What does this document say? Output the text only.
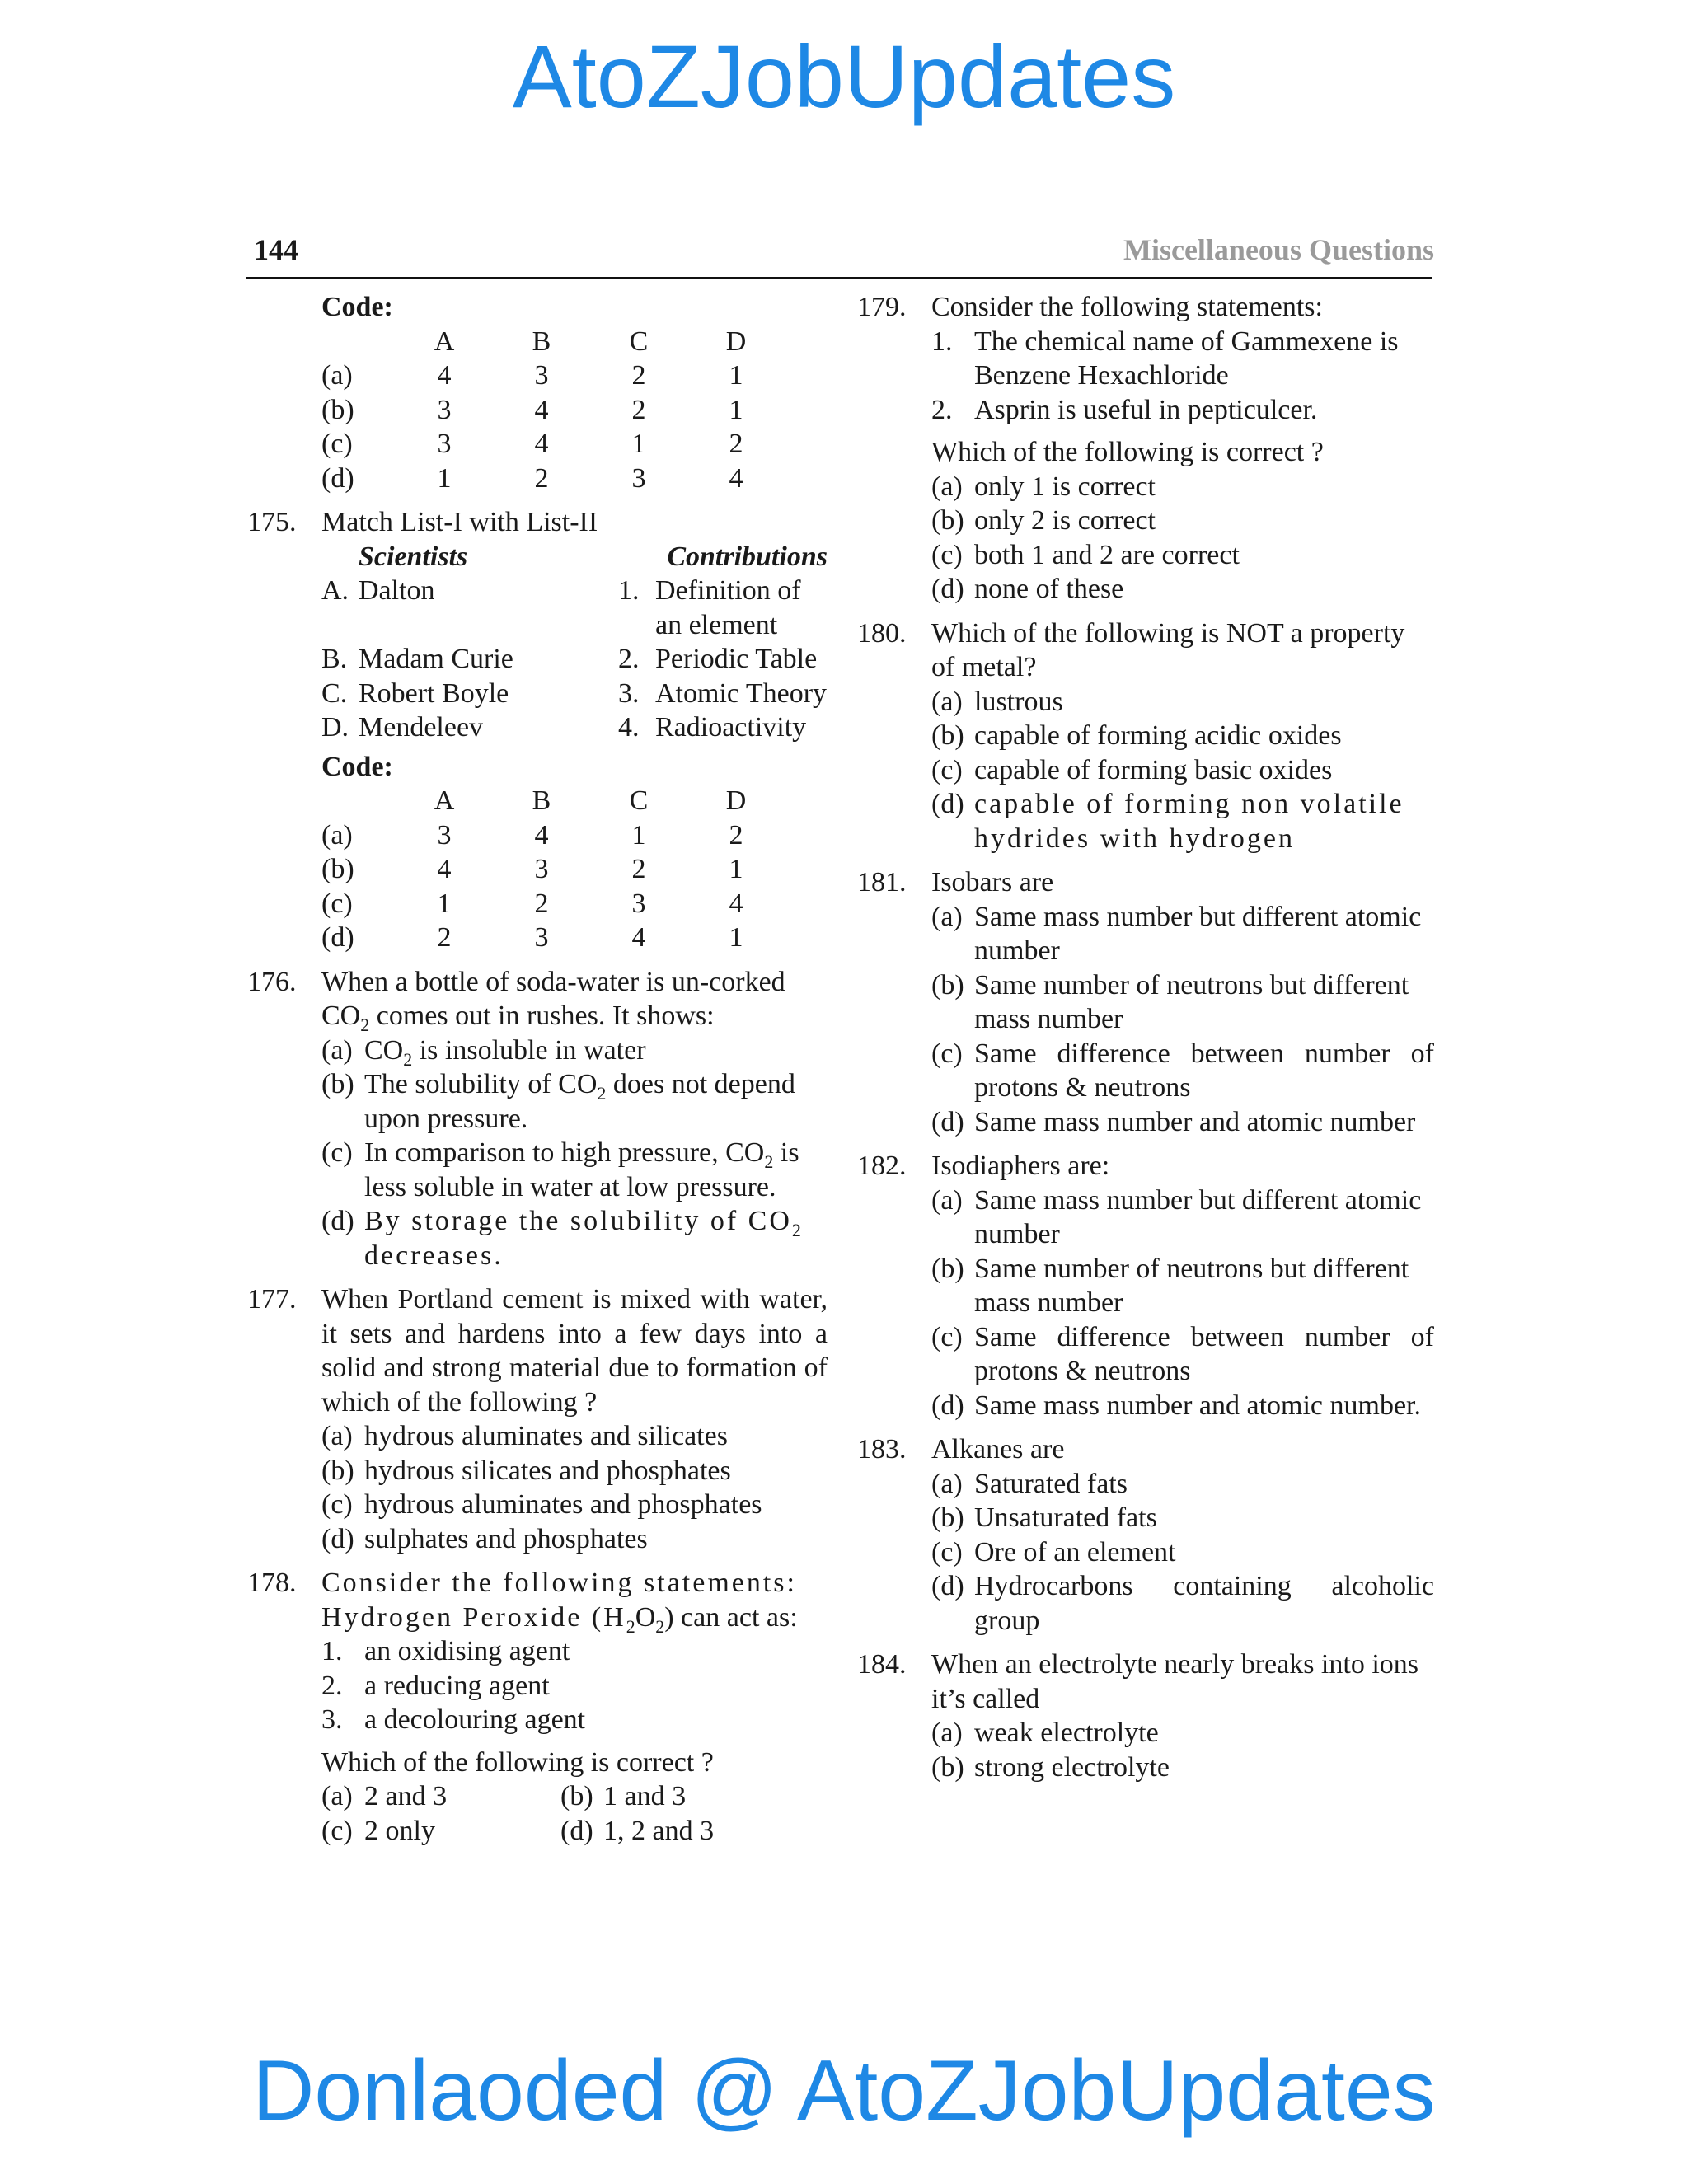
AtoZJobUpdates
144	Miscellaneous Questions
Code:
A	B	C	D
(a)	4	3	2	1
(b)	3	4	2	1
(c)	3	4	1	2
(d)	1	2	3	4
175. Match List-I with List-II
Scientists	Contributions
A. Dalton	1. Definition of an element
B. Madam Curie	2. Periodic Table
C. Robert Boyle	3. Atomic Theory
D. Mendeleev	4. Radioactivity
Code:
A	B	C	D
(a)	3	4	1	2
(b)	4	3	2	1
(c)	1	2	3	4
(d)	2	3	4	1
176. When a bottle of soda-water is un-corked $CO_2$ comes out in rushes. It shows:
(a) $CO_2$ is insoluble in water
(b) The solubility of $CO_2$ does not depend upon pressure.
(c) In comparison to high pressure, $CO_2$ is less soluble in water at low pressure.
(d) By storage the solubility of $CO_2$ decreases.
177. When Portland cement is mixed with water, it sets and hardens into a few days into a solid and strong material due to formation of which of the following ?
(a) hydrous aluminates and silicates
(b) hydrous silicates and phosphates
(c) hydrous aluminates and phosphates
(d) sulphates and phosphates
178. Consider the following statements: Hydrogen Peroxide $(H_2O_2)$ can act as:
1. an oxidising agent
2. a reducing agent
3. a decolouring agent
Which of the following is correct ?
(a) 2 and 3	(b) 1 and 3
(c) 2 only	(d) 1, 2 and 3
179. Consider the following statements:
1. The chemical name of Gammexene is Benzene Hexachloride
2. Asprin is useful in pepticulcer.
Which of the following is correct ?
(a) only 1 is correct
(b) only 2 is correct
(c) both 1 and 2 are correct
(d) none of these
180. Which of the following is NOT a property of metal?
(a) lustrous
(b) capable of forming acidic oxides
(c) capable of forming basic oxides
(d) capable of forming non volatile hydrides with hydrogen
181. Isobars are
(a) Same mass number but different atomic number
(b) Same number of neutrons but different mass number
(c) Same difference between number of protons & neutrons
(d) Same mass number and atomic number
182. Isodiaphers are:
(a) Same mass number but different atomic number
(b) Same number of neutrons but different mass number
(c) Same difference between number of protons & neutrons
(d) Same mass number and atomic number.
183. Alkanes are
(a) Saturated fats
(b) Unsaturated fats
(c) Ore of an element
(d) Hydrocarbons containing alcoholic group
184. When an electrolyte nearly breaks into ions it’s called
(a) weak electrolyte
(b) strong electrolyte
Donlaoded @ AtoZJobUpdates
